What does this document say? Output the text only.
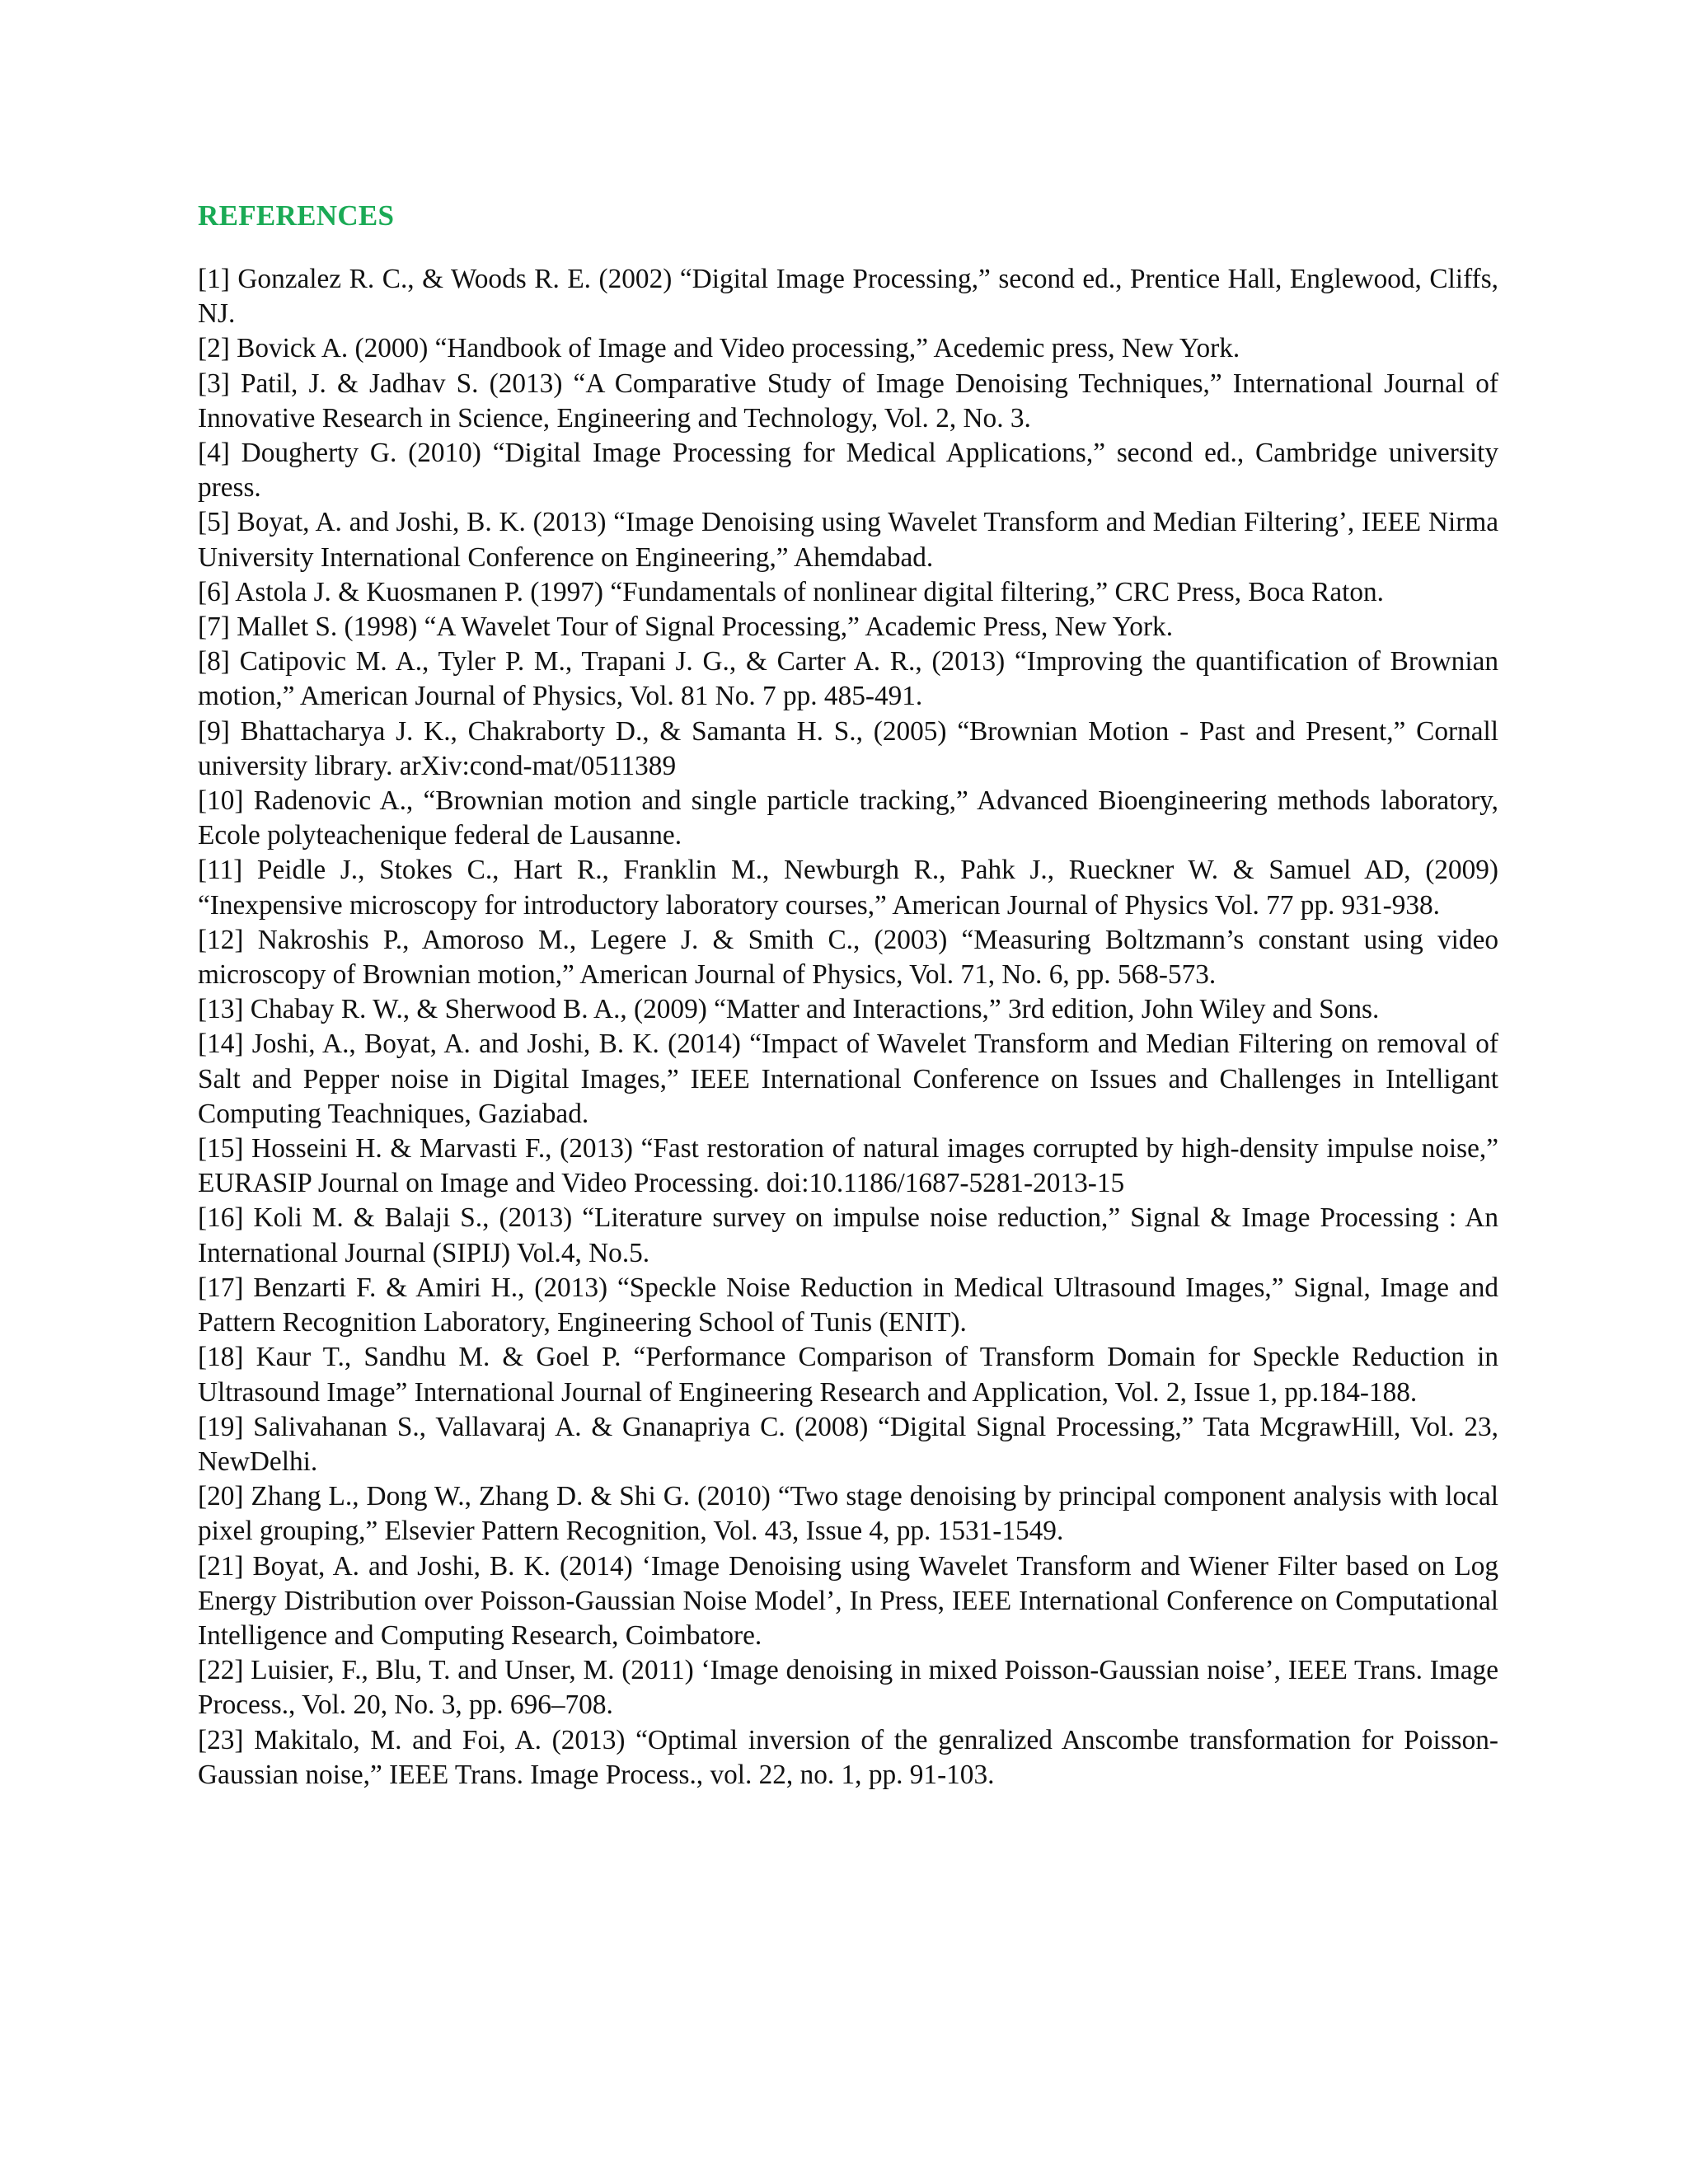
REFERENCES
[1] Gonzalez R. C., & Woods R. E. (2002) “Digital Image Processing,” second ed., Prentice Hall, Englewood, Cliffs, NJ.
[2] Bovick A. (2000) “Handbook of Image and Video processing,” Acedemic press, New York.
[3] Patil, J. & Jadhav S. (2013) “A Comparative Study of Image Denoising Techniques,” International Journal of Innovative Research in Science, Engineering and Technology, Vol. 2, No. 3.
[4] Dougherty G. (2010) “Digital Image Processing for Medical Applications,” second ed., Cambridge university press.
[5] Boyat, A. and Joshi, B. K. (2013) “Image Denoising using Wavelet Transform and Median Filtering’, IEEE Nirma University International Conference on Engineering,” Ahemdabad.
[6] Astola J. & Kuosmanen P. (1997) “Fundamentals of nonlinear digital filtering,” CRC Press, Boca Raton.
[7] Mallet S. (1998) “A Wavelet Tour of Signal Processing,” Academic Press, New York.
[8] Catipovic M. A., Tyler P. M., Trapani J. G., & Carter A. R., (2013) “Improving the quantification of Brownian motion,” American Journal of Physics, Vol. 81 No. 7 pp. 485-491.
[9] Bhattacharya J. K., Chakraborty D., & Samanta H. S., (2005) “Brownian Motion - Past and Present,” Cornall university library. arXiv:cond-mat/0511389
[10] Radenovic A., “Brownian motion and single particle tracking,” Advanced Bioengineering methods laboratory, Ecole polyteachenique federal de Lausanne.
[11] Peidle J., Stokes C., Hart R., Franklin M., Newburgh R., Pahk J., Rueckner W. & Samuel AD, (2009) “Inexpensive microscopy for introductory laboratory courses,” American Journal of Physics Vol. 77 pp. 931-938.
[12] Nakroshis P., Amoroso M., Legere J. & Smith C., (2003) “Measuring Boltzmann’s constant using video microscopy of Brownian motion,” American Journal of Physics, Vol. 71, No. 6, pp. 568-573.
[13] Chabay R. W., & Sherwood B. A., (2009) “Matter and Interactions,” 3rd edition, John Wiley and Sons.
[14] Joshi, A., Boyat, A. and Joshi, B. K. (2014) “Impact of Wavelet Transform and Median Filtering on removal of Salt and Pepper noise in Digital Images,” IEEE International Conference on Issues and Challenges in Intelligant Computing Teachniques, Gaziabad.
[15] Hosseini H. & Marvasti F., (2013) “Fast restoration of natural images corrupted by high-density impulse noise,” EURASIP Journal on Image and Video Processing. doi:10.1186/1687-5281-2013-15
[16] Koli M. & Balaji S., (2013) “Literature survey on impulse noise reduction,” Signal & Image Processing : An International Journal (SIPIJ) Vol.4, No.5.
[17] Benzarti F. & Amiri H., (2013) “Speckle Noise Reduction in Medical Ultrasound Images,” Signal, Image and Pattern Recognition Laboratory, Engineering School of Tunis (ENIT).
[18] Kaur T., Sandhu M. & Goel P. “Performance Comparison of Transform Domain for Speckle Reduction in Ultrasound Image” International Journal of Engineering Research and Application, Vol. 2, Issue 1, pp.184-188.
[19] Salivahanan S., Vallavaraj A. & Gnanapriya C. (2008) “Digital Signal Processing,” Tata McgrawHill, Vol. 23, NewDelhi.
[20] Zhang L., Dong W., Zhang D. & Shi G. (2010) “Two stage denoising by principal component analysis with local pixel grouping,” Elsevier Pattern Recognition, Vol. 43, Issue 4, pp. 1531-1549.
[21] Boyat, A. and Joshi, B. K. (2014) ‘Image Denoising using Wavelet Transform and Wiener Filter based on Log Energy Distribution over Poisson-Gaussian Noise Model’, In Press, IEEE International Conference on Computational Intelligence and Computing Research, Coimbatore.
[22] Luisier, F., Blu, T. and Unser, M. (2011) ‘Image denoising in mixed Poisson-Gaussian noise’, IEEE Trans. Image Process., Vol. 20, No. 3, pp. 696–708.
[23] Makitalo, M. and Foi, A. (2013) “Optimal inversion of the genralized Anscombe transformation for Poisson-Gaussian noise,” IEEE Trans. Image Process., vol. 22, no. 1, pp. 91-103.
